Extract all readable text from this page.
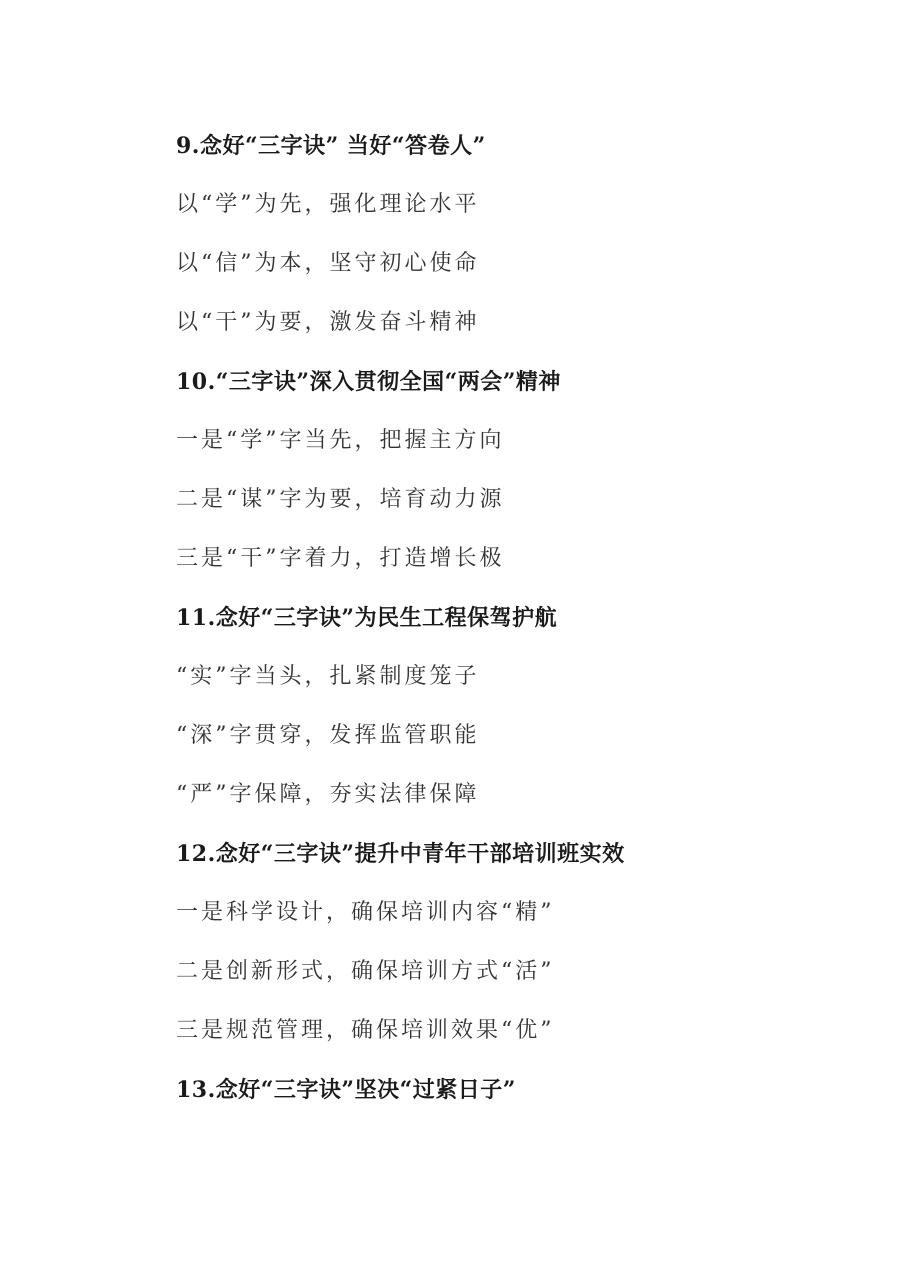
9.念好“三字诀” 当好“答卷人”
以“学”为先，强化理论水平
以“信”为本，坚守初心使命
以“干”为要，激发奋斗精神
10.“三字诀”深入贯彻全国“两会”精神
一是“学”字当先，把握主方向
二是“谋”字为要，培育动力源
三是“干”字着力，打造增长极
11.念好“三字诀”为民生工程保驾护航
“实”字当头，扎紧制度笼子
“深”字贯穿，发挥监管职能
“严”字保障，夯实法律保障
12.念好“三字诀”提升中青年干部培训班实效
一是科学设计，确保培训内容“精”
二是创新形式，确保培训方式“活”
三是规范管理，确保培训效果“优”
13.念好“三字诀”坚决“过紧日子”
